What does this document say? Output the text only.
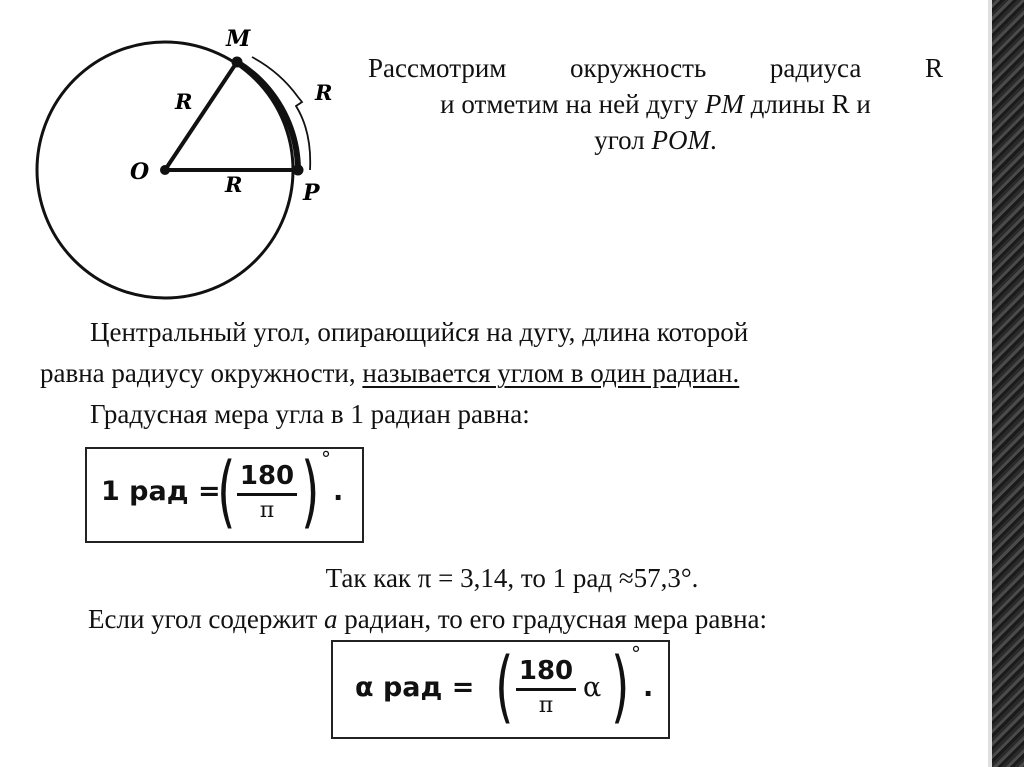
M
O
P
R
R
R
Рассмотрим окружность радиуса R
и отметим на ней дугу PM длины R и
угол POM.

Центральный угол, опирающийся на дугу, длина которой

равна радиусу окружности, называется углом в один радиан.

Градусная мера угла в 1 радиан равна:

1 рад =
( 180
π ) °
.
Так как π = 3,14, то 1 рад ≈57,3°.
Если угол содержит а радиан, то его градусная мера равна:
α рад = ( 180
π
α ) °
.
